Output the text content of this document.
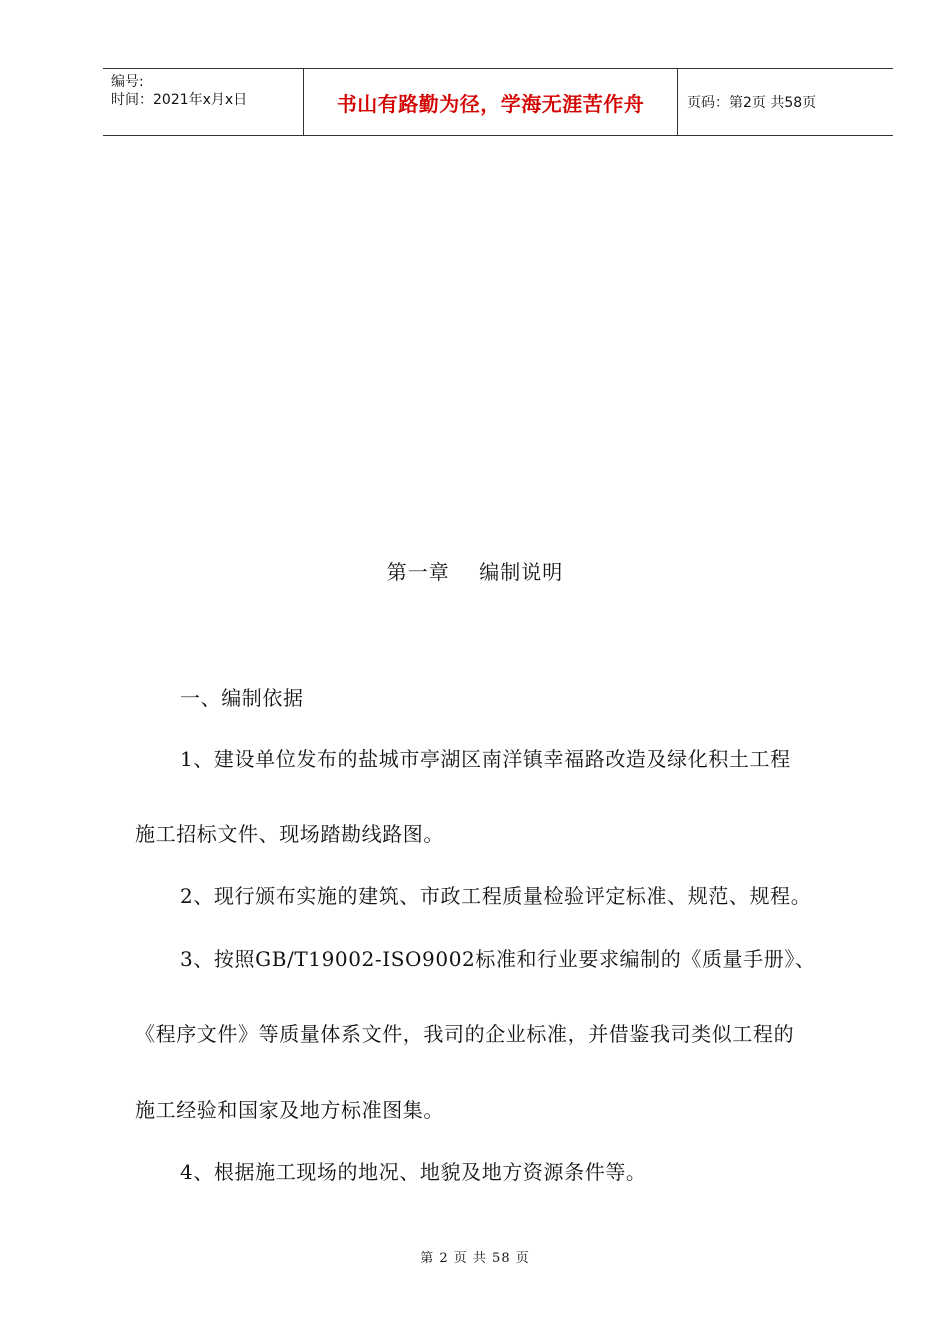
编号:
时间：2021年x月x日	书山有路勤为径，学海无涯苦作舟	页码：第2页 共58页
第一章 编制说明
一、编制依据
1、建设单位发布的盐城市亭湖区南洋镇幸福路改造及绿化积土工程
施工招标文件、现场踏勘线路图。
2、现行颁布实施的建筑、市政工程质量检验评定标准、规范、规程。
3、按照GB/T19002-ISO9002标准和行业要求编制的《质量手册》、
《程序文件》等质量体系文件，我司的企业标准，并借鉴我司类似工程的
施工经验和国家及地方标准图集。
4、根据施工现场的地况、地貌及地方资源条件等。
第 2 页 共 58 页
